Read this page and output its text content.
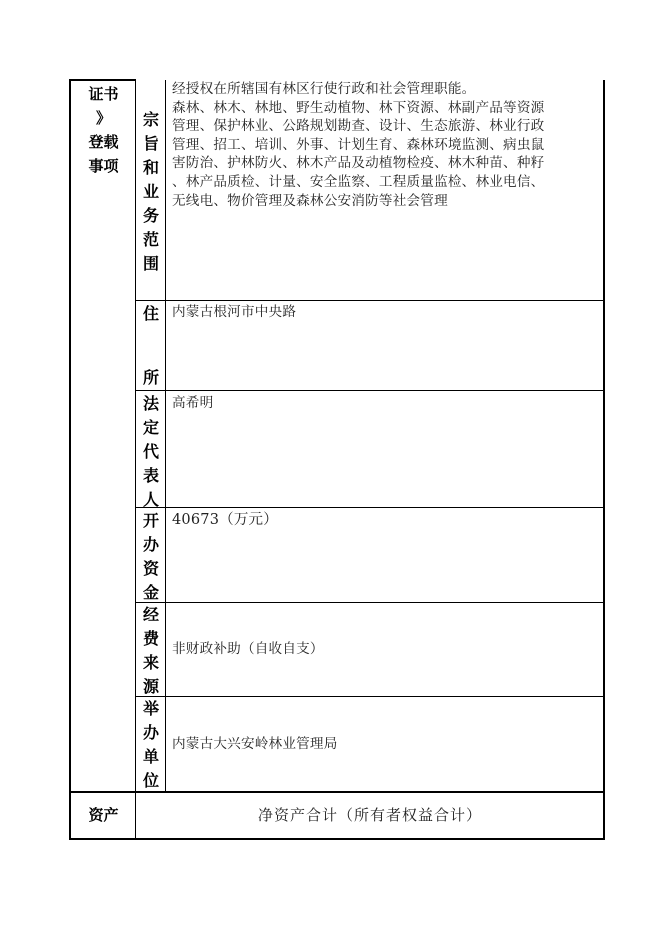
证书
》
登载
事项
宗
旨
和
业
务
范
围

经授权在所辖国有林区行使行政和社会管理职能。

森林、林木、林地、野生动植物、林下资源、林副产品等资源

管理、保护林业、公路规划勘查、设计、生态旅游、林业行政

管理、招工、培训、外事、计划生育、森林环境监测、病虫鼠

害防治、护林防火、林木产品及动植物检疫、林木种苗、种籽

、林产品质检、计量、安全监察、工程质量监检、林业电信、

无线电、物价管理及森林公安消防等社会管理

住
所

内蒙古根河市中央路

法
定
代
表
人

高希明

开
办
资
金

40673（万元）

经
费
来
源

非财政补助（自收自支）

举
办
单
位

内蒙古大兴安岭林业管理局

资产	净资产合计（所有者权益合计）
